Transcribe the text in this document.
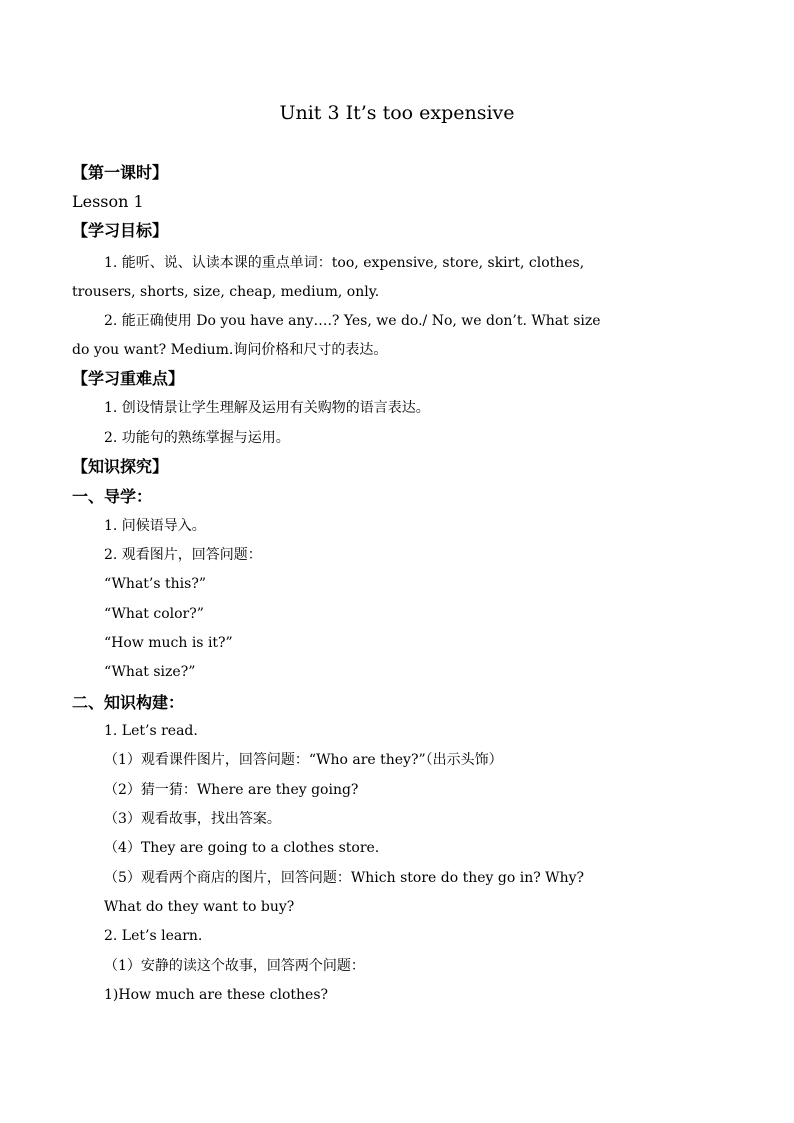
Unit 3 It’s too expensive
【第一课时】
Lesson 1
【学习目标】
1. 能听、说、认读本课的重点单词：too, expensive, store, skirt, clothes,
trousers, shorts, size, cheap, medium, only.
2. 能正确使用 Do you have any….? Yes, we do./ No, we don’t. What size
do you want? Medium.询问价格和尺寸的表达。
【学习重难点】
1. 创设情景让学生理解及运用有关购物的语言表达。
2. 功能句的熟练掌握与运用。
【知识探究】
一、导学：
1. 问候语导入。
2. 观看图片，回答问题：
“What’s this?”
“What color?”
“How much is it?”
“What size?”
二、知识构建：
1. Let’s read.
（1）观看课件图片，回答问题：“Who are they?”（出示头饰）
（2）猜一猜：Where are they going?
（3）观看故事，找出答案。
（4）They are going to a clothes store.
（5）观看两个商店的图片，回答问题：Which store do they go in? Why?
What do they want to buy?
2. Let’s learn.
（1）安静的读这个故事，回答两个问题：
1)How much are these clothes?
